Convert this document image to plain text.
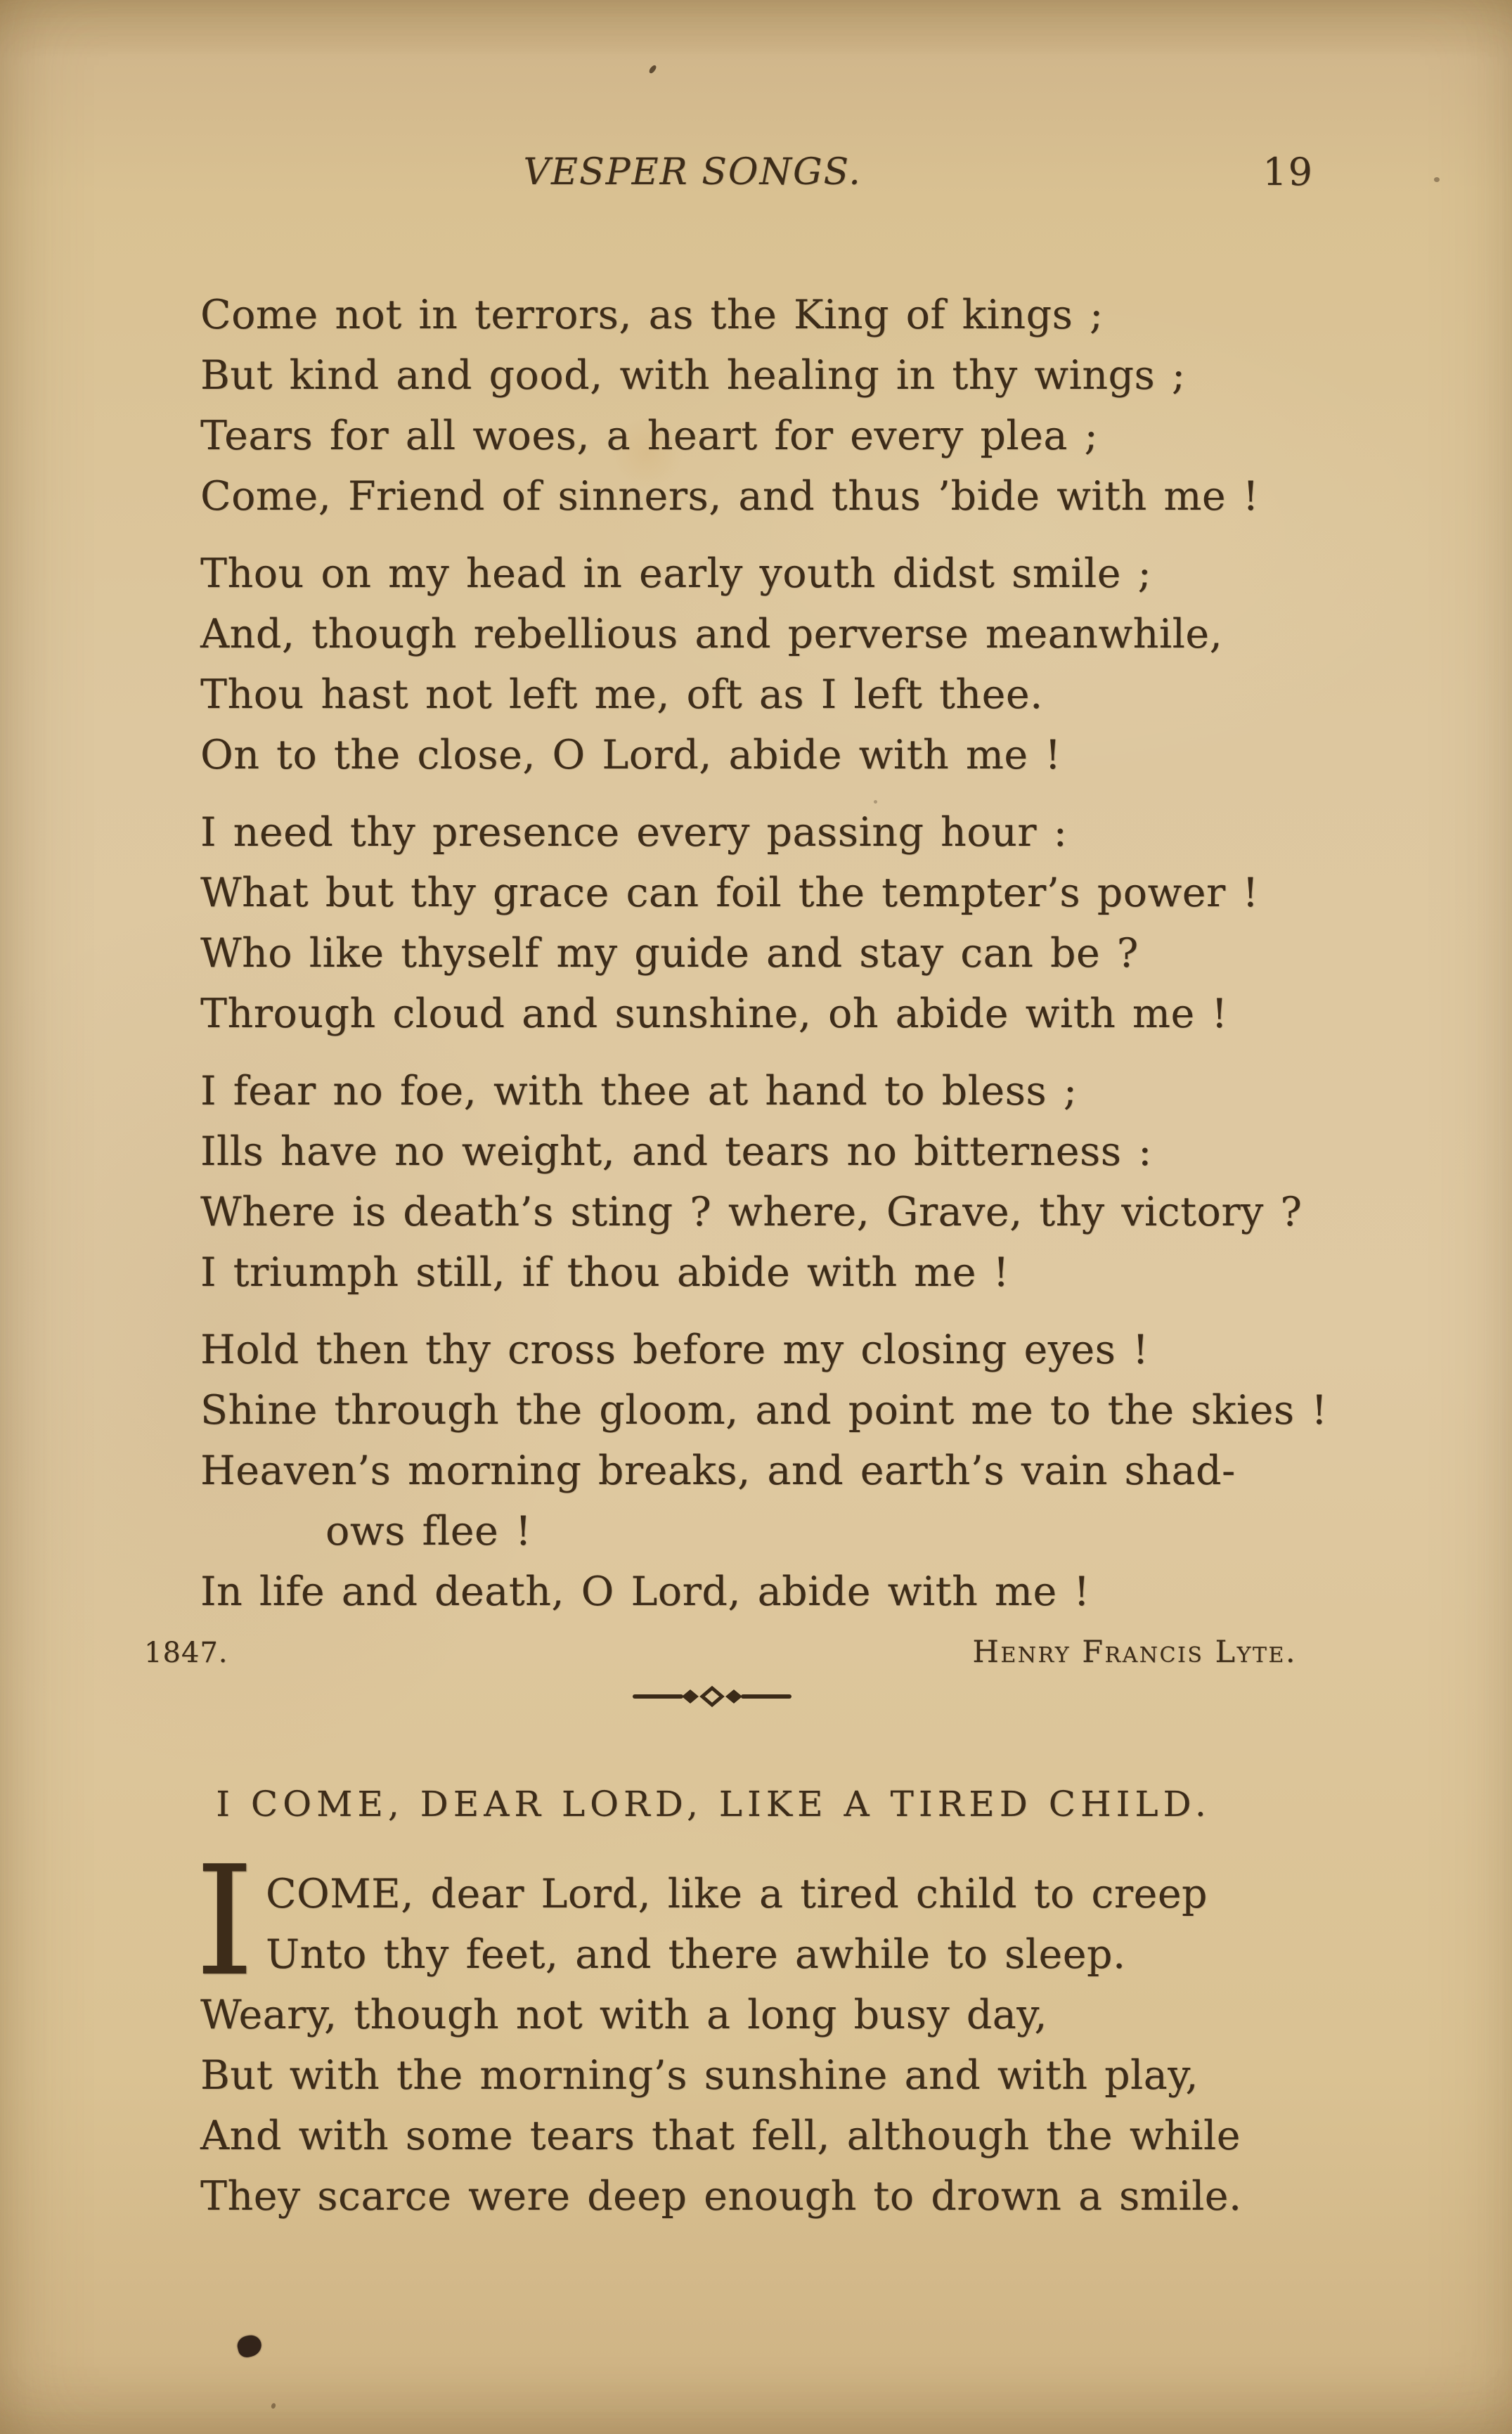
VESPER SONGS.	19
Come not in terrors, as the King of kings ;
But kind and good, with healing in thy wings ;
Tears for all woes, a heart for every plea ;
Come, Friend of sinners, and thus ’bide with me !
Thou on my head in early youth didst smile ;
And, though rebellious and perverse meanwhile,
Thou hast not left me, oft as I left thee.
On to the close, O Lord, abide with me !
I need thy presence every passing hour :
What but thy grace can foil the tempter’s power !
Who like thyself my guide and stay can be ?
Through cloud and sunshine, oh abide with me !
I fear no foe, with thee at hand to bless ;
Ills have no weight, and tears no bitterness :
Where is death’s sting ? where, Grave, thy victory ?
I triumph still, if thou abide with me !
Hold then thy cross before my closing eyes !
Shine through the gloom, and point me to the skies !
Heaven’s morning breaks, and earth’s vain shad-
ows flee !
In life and death, O Lord, abide with me !
1847.	Henry Francis Lyte.
I COME, DEAR LORD, LIKE A TIRED CHILD.
I COME, dear Lord, like a tired child to creep
Unto thy feet, and there awhile to sleep.
Weary, though not with a long busy day,
But with the morning’s sunshine and with play,
And with some tears that fell, although the while
They scarce were deep enough to drown a smile.
